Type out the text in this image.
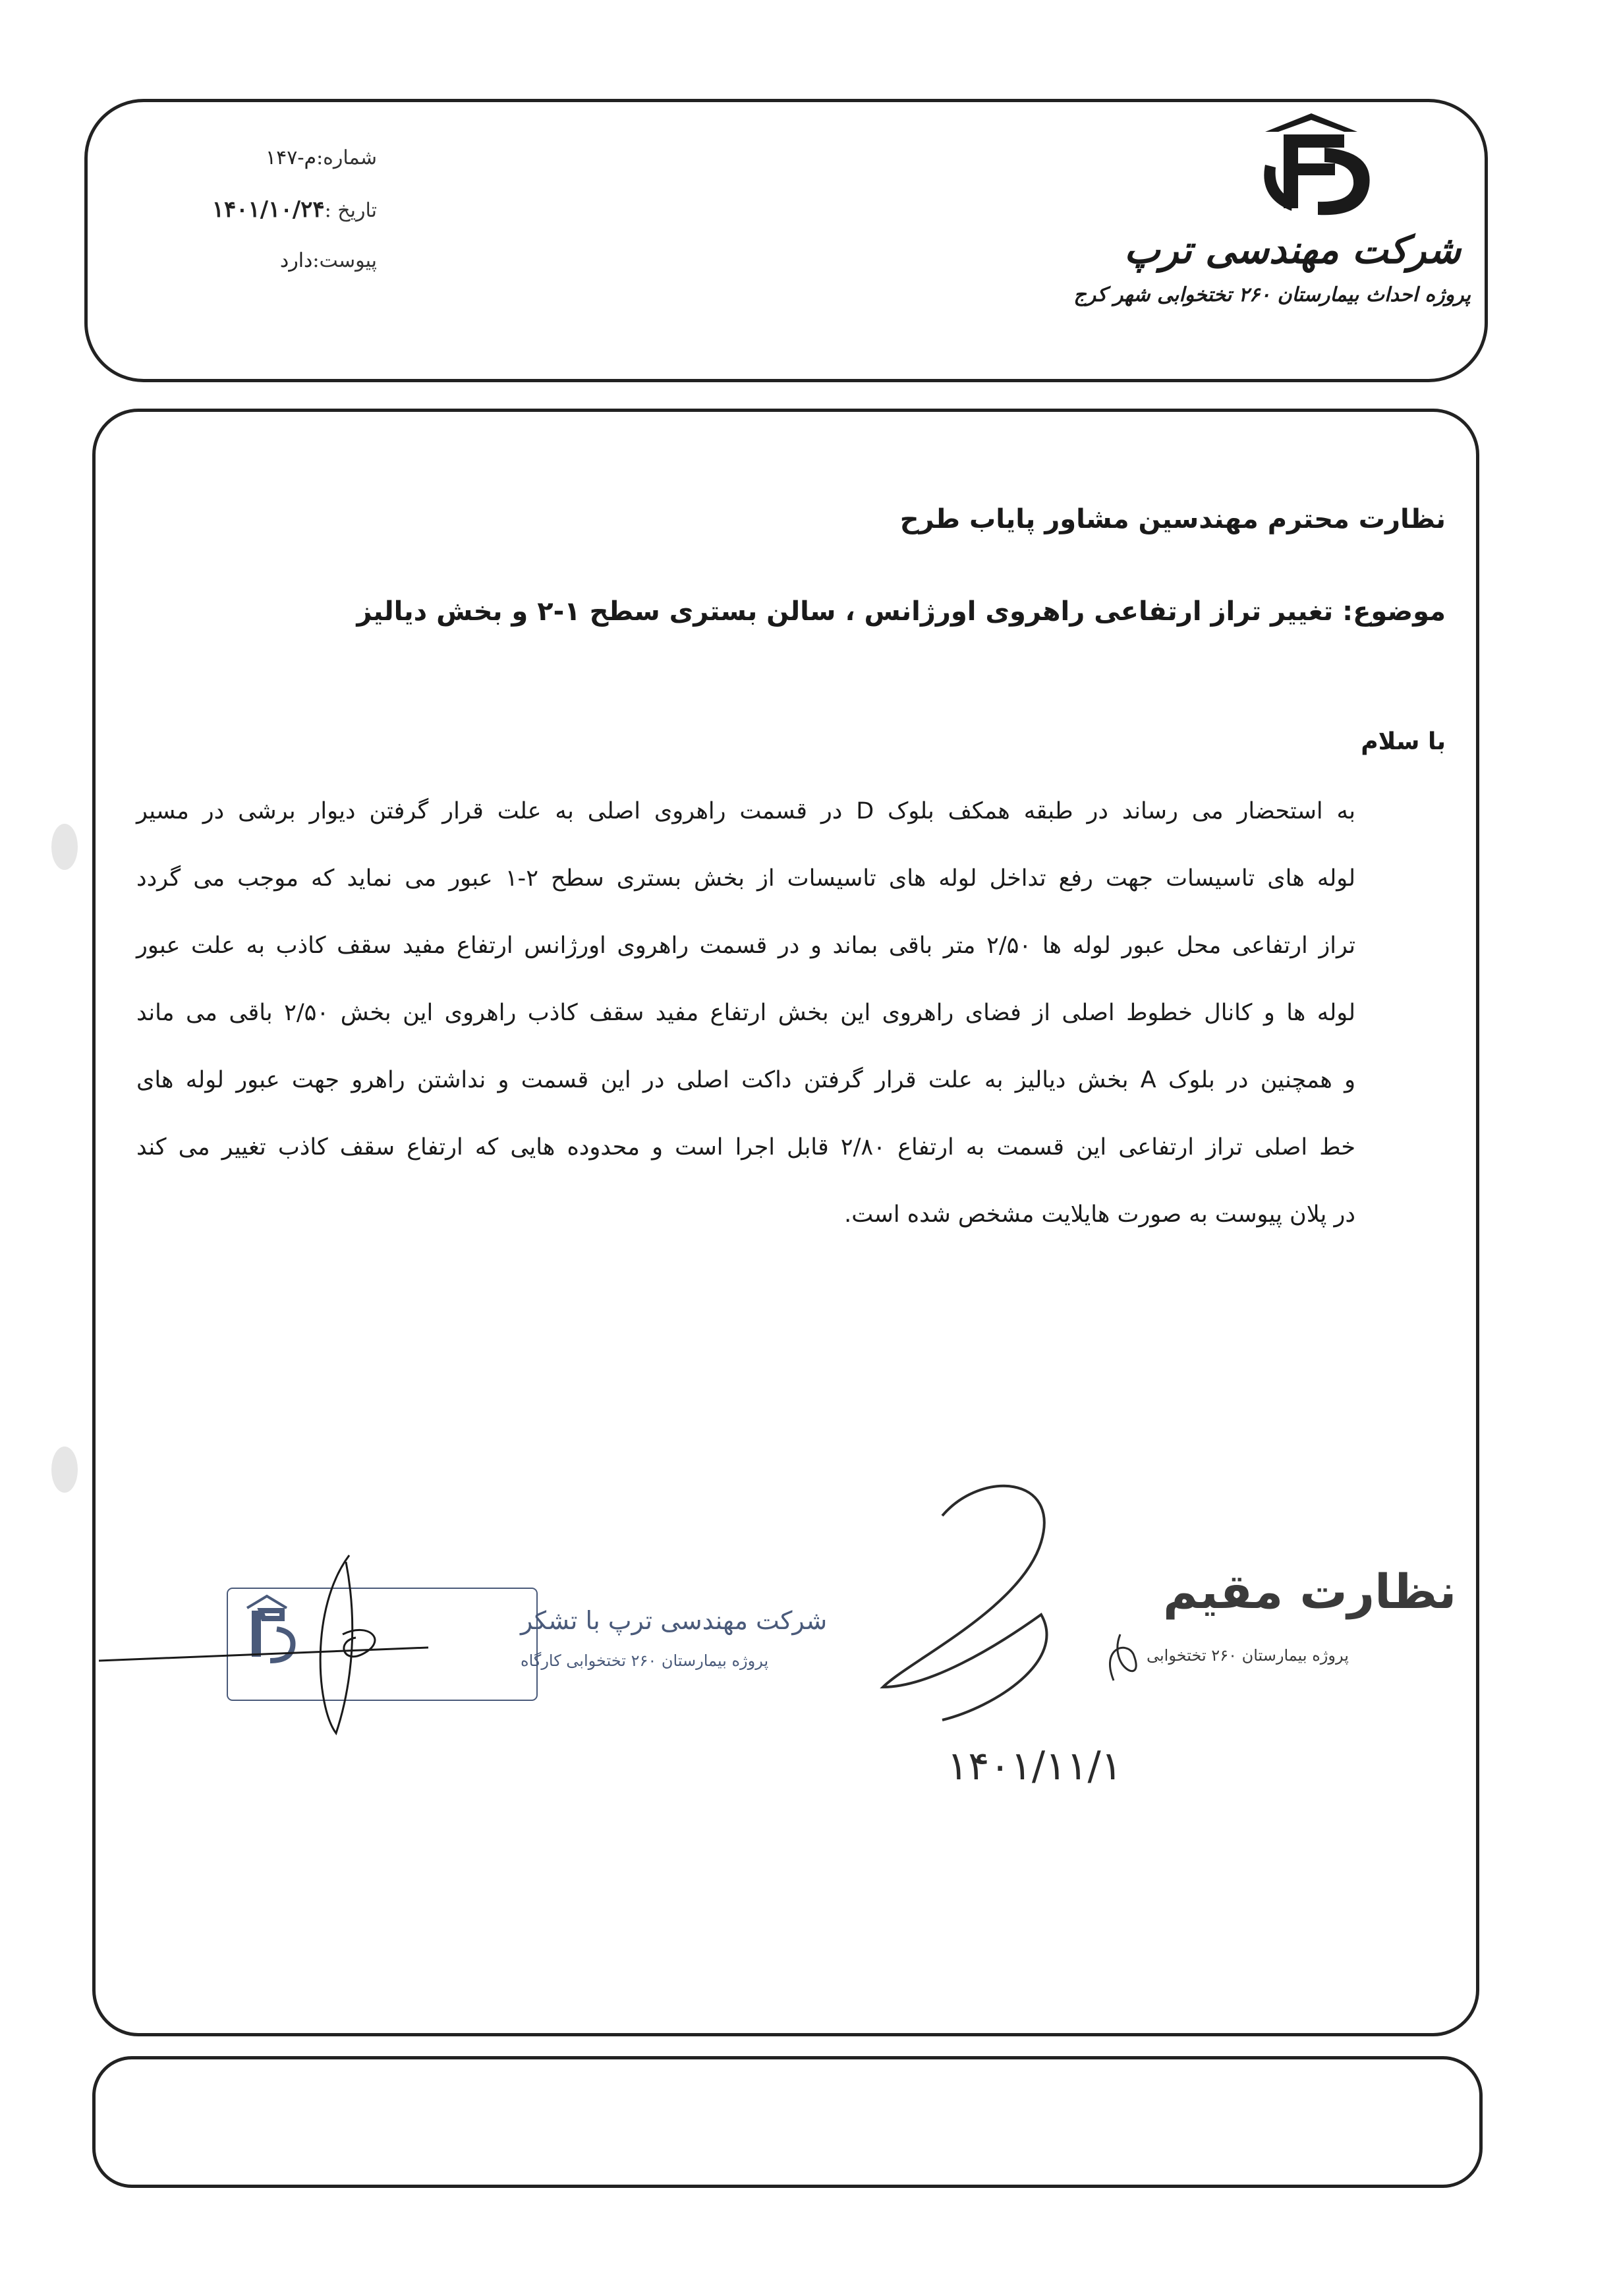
شرکت مهندسی ترپ
پروژه احداث بیمارستان ۲۶۰ تختخوابی شهر کرج
شماره:م-۱۴۷
تاریخ :۱۴۰۱/۱۰/۲۴
پیوست:دارد
نظارت محترم مهندسین مشاور پایاب طرح
موضوع: تغییر تراز ارتفاعی راهروی اورژانس ، سالن بستری سطح ۱-۲ و بخش دیالیز
با سلام
به استحضار می رساند در طبقه همکف بلوک D در قسمت راهروی اصلی به علت قرار گرفتن دیوار برشی در مسیر
لوله های تاسیسات جهت رفع تداخل لوله های تاسیسات از بخش بستری سطح ۲-۱ عبور می نماید که موجب می گردد
تراز ارتفاعی محل عبور لوله ها ۲/۵۰ متر باقی بماند و در قسمت راهروی اورژانس ارتفاع مفید سقف کاذب به علت عبور
لوله ها و کانال خطوط اصلی از فضای راهروی این بخش ارتفاع مفید سقف کاذب راهروی این بخش ۲/۵۰ باقی می ماند
و همچنین در بلوک A بخش دیالیز به علت قرار گرفتن داکت اصلی در این قسمت و نداشتن راهرو جهت عبور لوله های
خط اصلی تراز ارتفاعی این قسمت به ارتفاع ۲/۸۰ قابل اجرا است و محدوده هایی که ارتفاع سقف کاذب تغییر می کند
در پلان پیوست به صورت هایلایت مشخص شده است.
شرکت مهندسی ترپ با تشکر
پروژه بیمارستان ۲۶۰ تختخوابی کارگاه
نظارت مقیم
پروژه بیمارستان ۲۶۰ تختخوابی
۱۴۰۱/۱۱/۱
